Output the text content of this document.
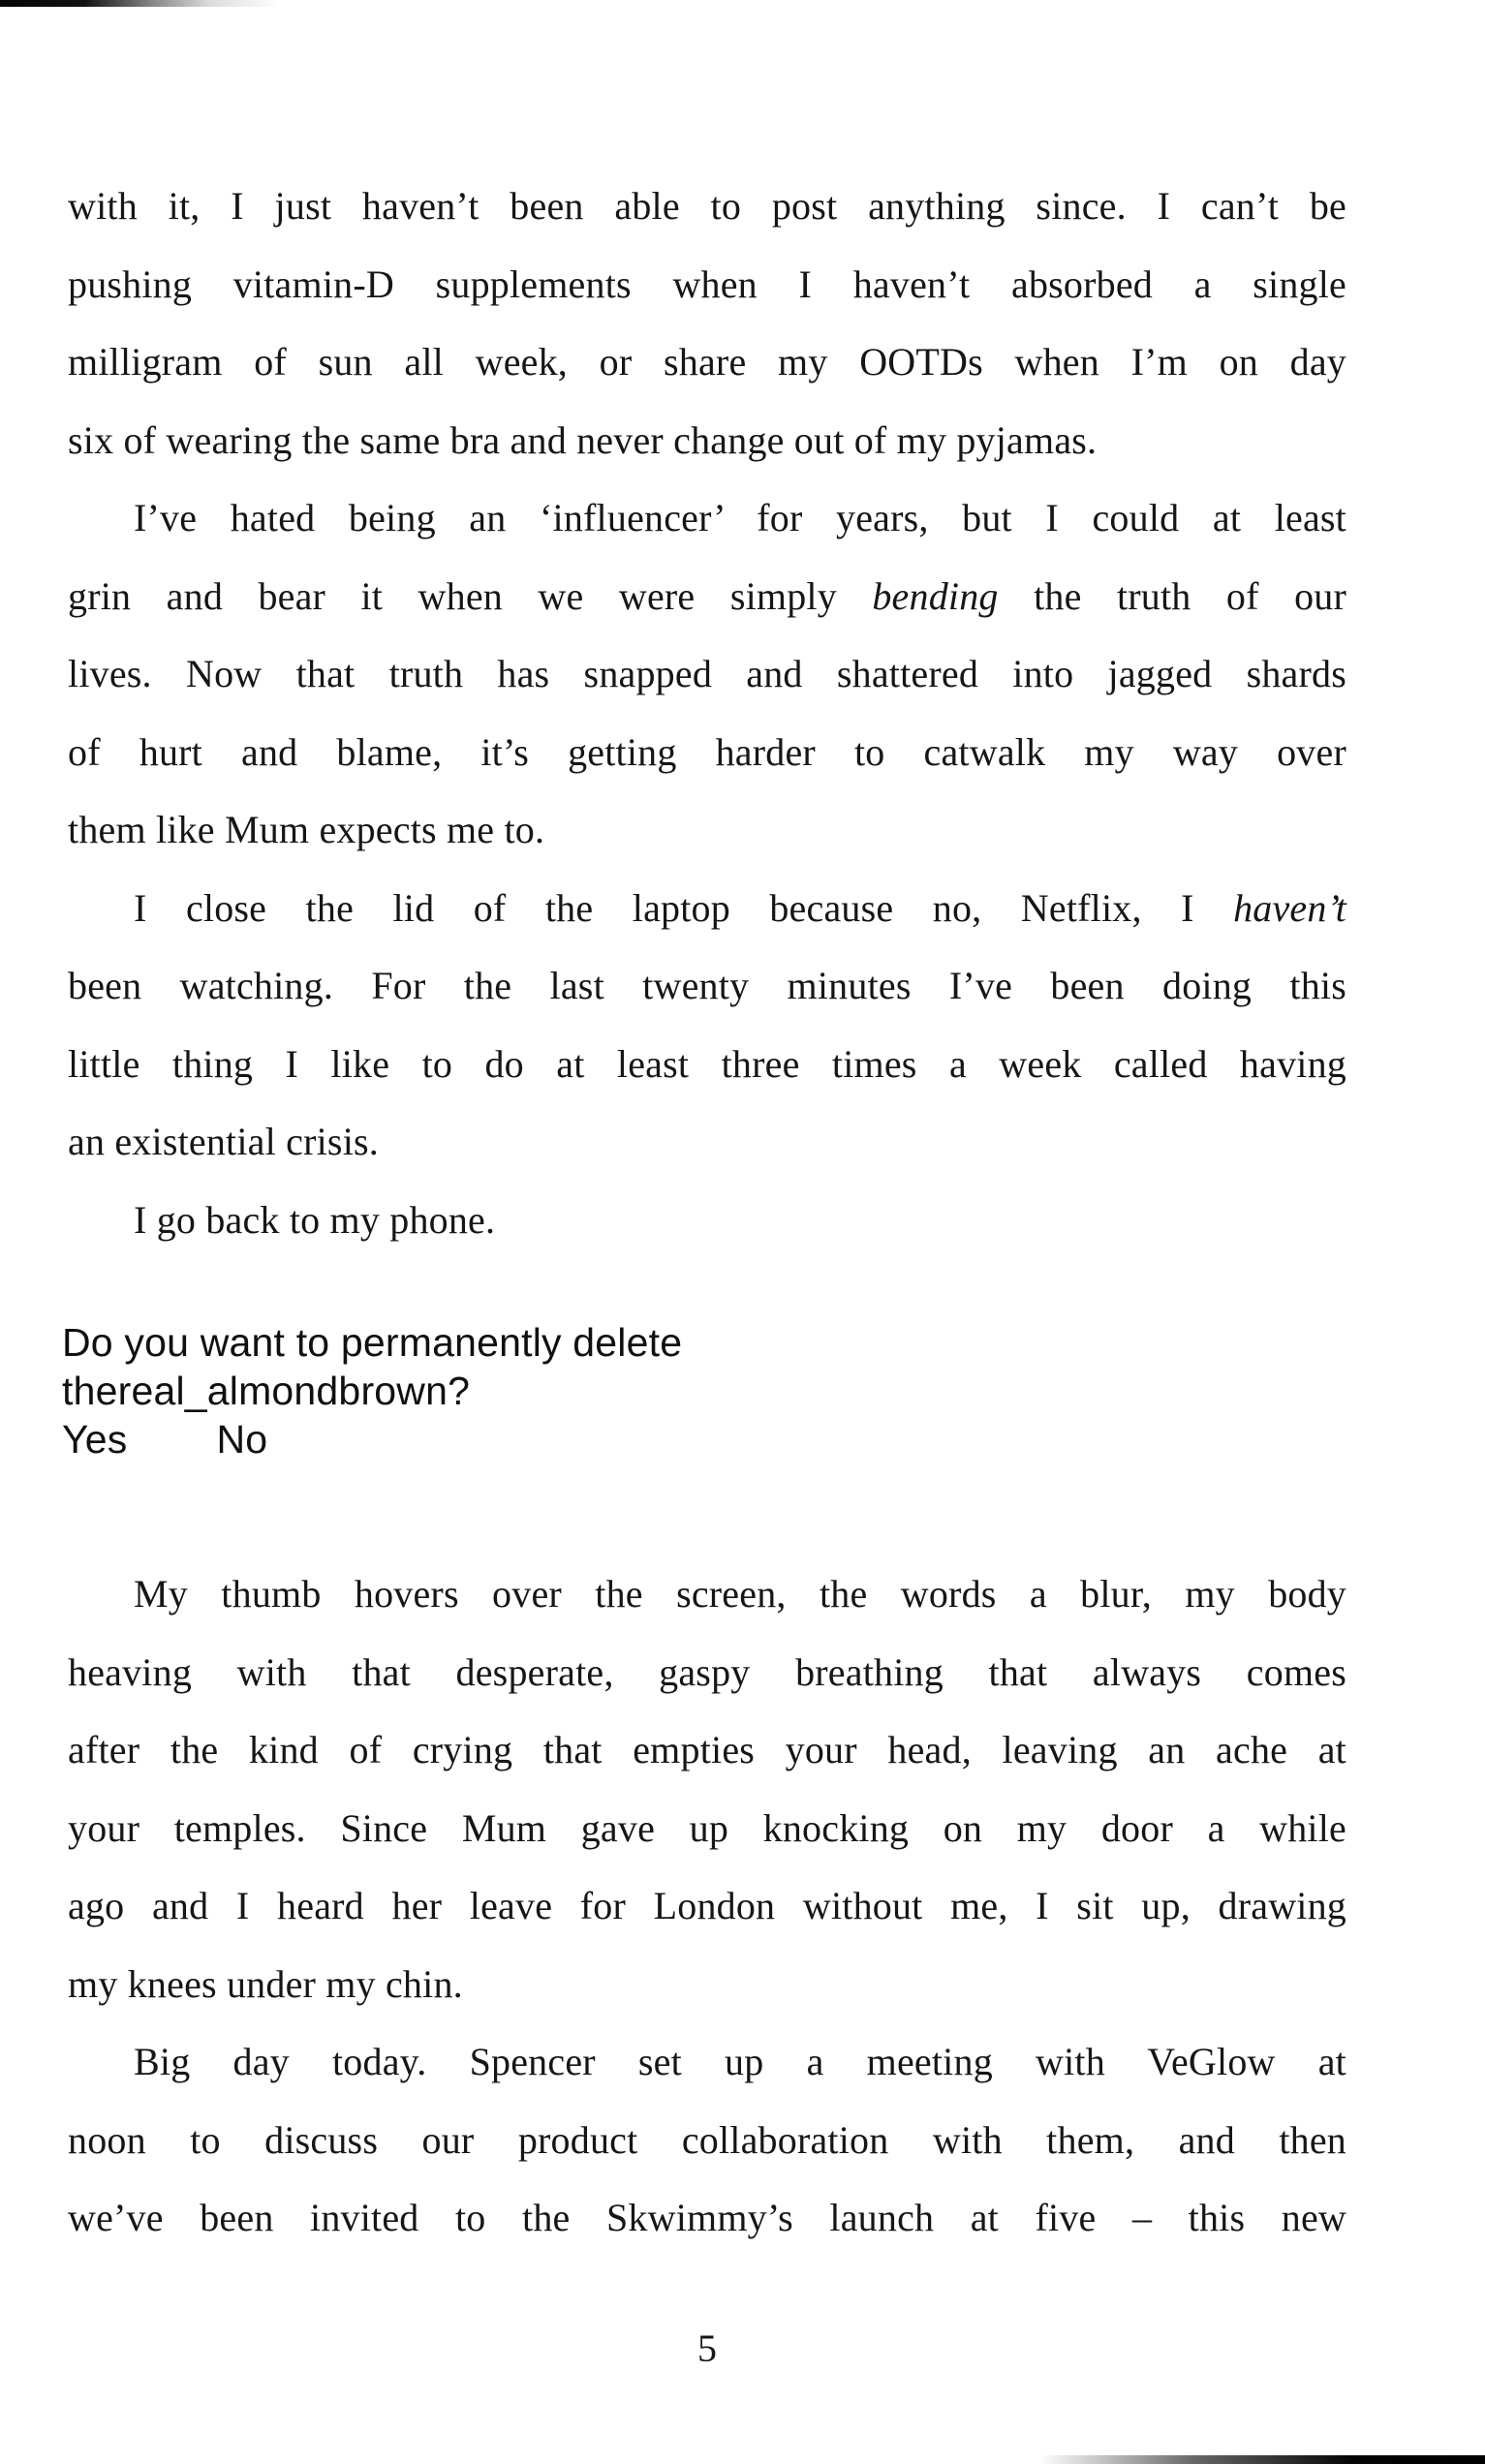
with it, I just haven’t been able to post anything since. I can’t be
pushing vitamin-D supplements when I haven’t absorbed a single
milligram of sun all week, or share my OOTDs when I’m on day
six of wearing the same bra and never change out of my pyjamas.
I’ve hated being an ‘influencer’ for years, but I could at least
grin and bear it when we were simply bending the truth of our
lives. Now that truth has snapped and shattered into jagged shards
of hurt and blame, it’s getting harder to catwalk my way over
them like Mum expects me to.
I close the lid of the laptop because no, Netflix, I haven’t
been watching. For the last twenty minutes I’ve been doing this
little thing I like to do at least three times a week called having
an existential crisis.
I go back to my phone.
Do you want to permanently delete
thereal_almondbrown?
Yes No
My thumb hovers over the screen, the words a blur, my body
heaving with that desperate, gaspy breathing that always comes
after the kind of crying that empties your head, leaving an ache at
your temples. Since Mum gave up knocking on my door a while
ago and I heard her leave for London without me, I sit up, drawing
my knees under my chin.
Big day today. Spencer set up a meeting with VeGlow at
noon to discuss our product collaboration with them, and then
we’ve been invited to the Skwimmy’s launch at five – this new
5
